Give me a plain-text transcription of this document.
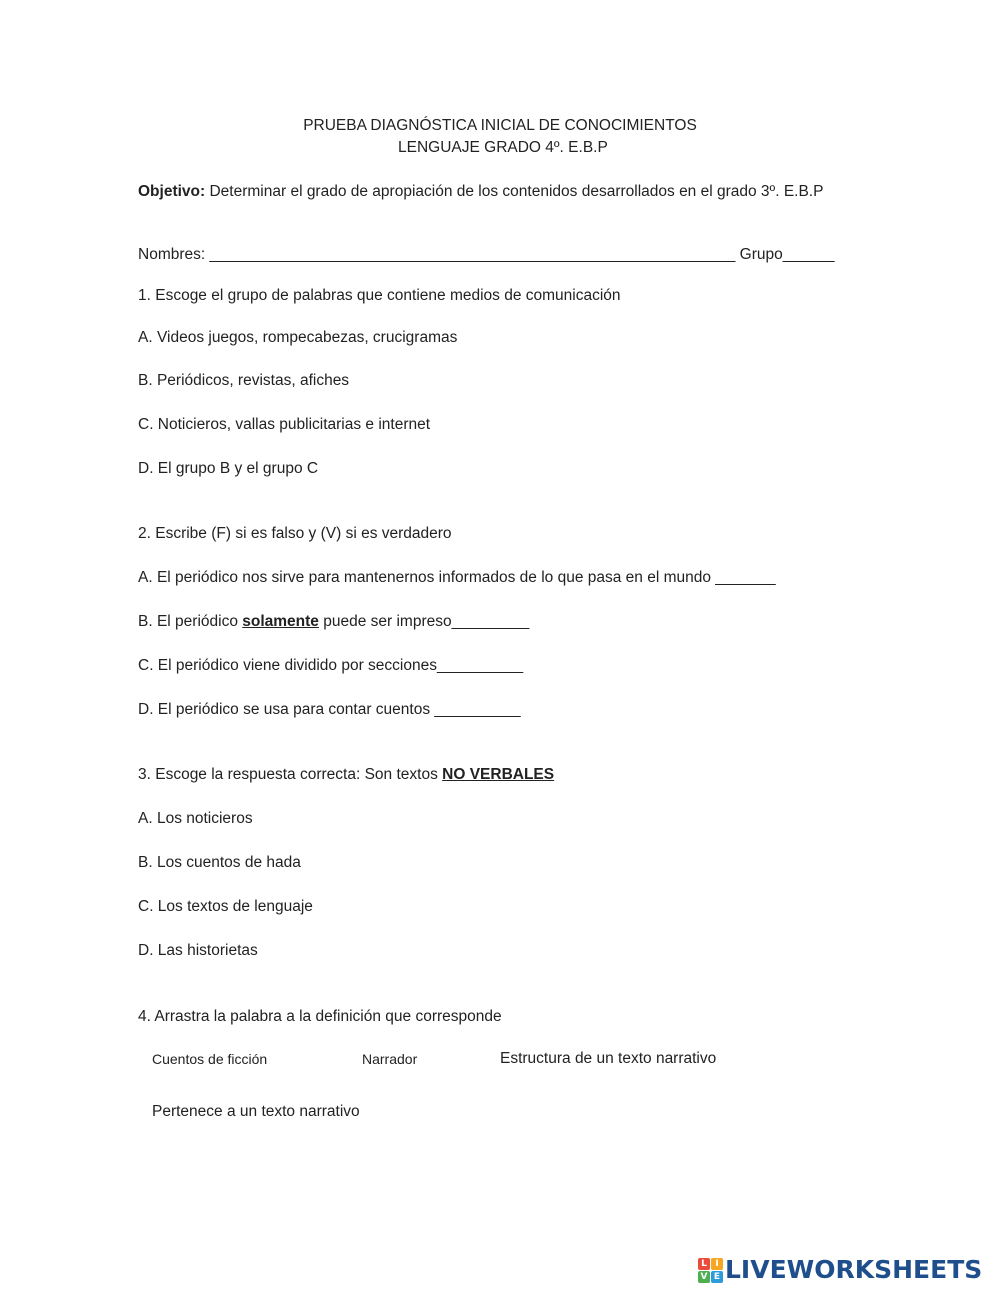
PRUEBA DIAGNÓSTICA INICIAL DE CONOCIMIENTOS
LENGUAJE GRADO 4º. E.B.P
Objetivo: Determinar el grado de apropiación de los contenidos desarrollados en el grado 3º. E.B.P
Nombres: _____________________________________________________________ Grupo______
1. Escoge el grupo de palabras que contiene medios de comunicación
A. Videos juegos, rompecabezas, crucigramas
B. Periódicos, revistas, afiches
C. Noticieros, vallas publicitarias e internet
D. El grupo B y el grupo C
2. Escribe (F) si es falso y (V) si es verdadero
A. El periódico nos sirve para mantenernos informados de lo que pasa en el mundo _______
B. El periódico solamente puede ser impreso_________
C. El periódico viene dividido por secciones__________
D. El periódico se usa para contar cuentos __________
3. Escoge la respuesta correcta: Son textos NO VERBALES
A. Los noticieros
B. Los cuentos de hada
C. Los textos de lenguaje
D. Las historietas
4. Arrastra la palabra a la definición que corresponde
Cuentos de ficción	Narrador	Estructura de un texto narrativo
Pertenece a un texto narrativo
L I
V E LIVEWORKSHEETS
